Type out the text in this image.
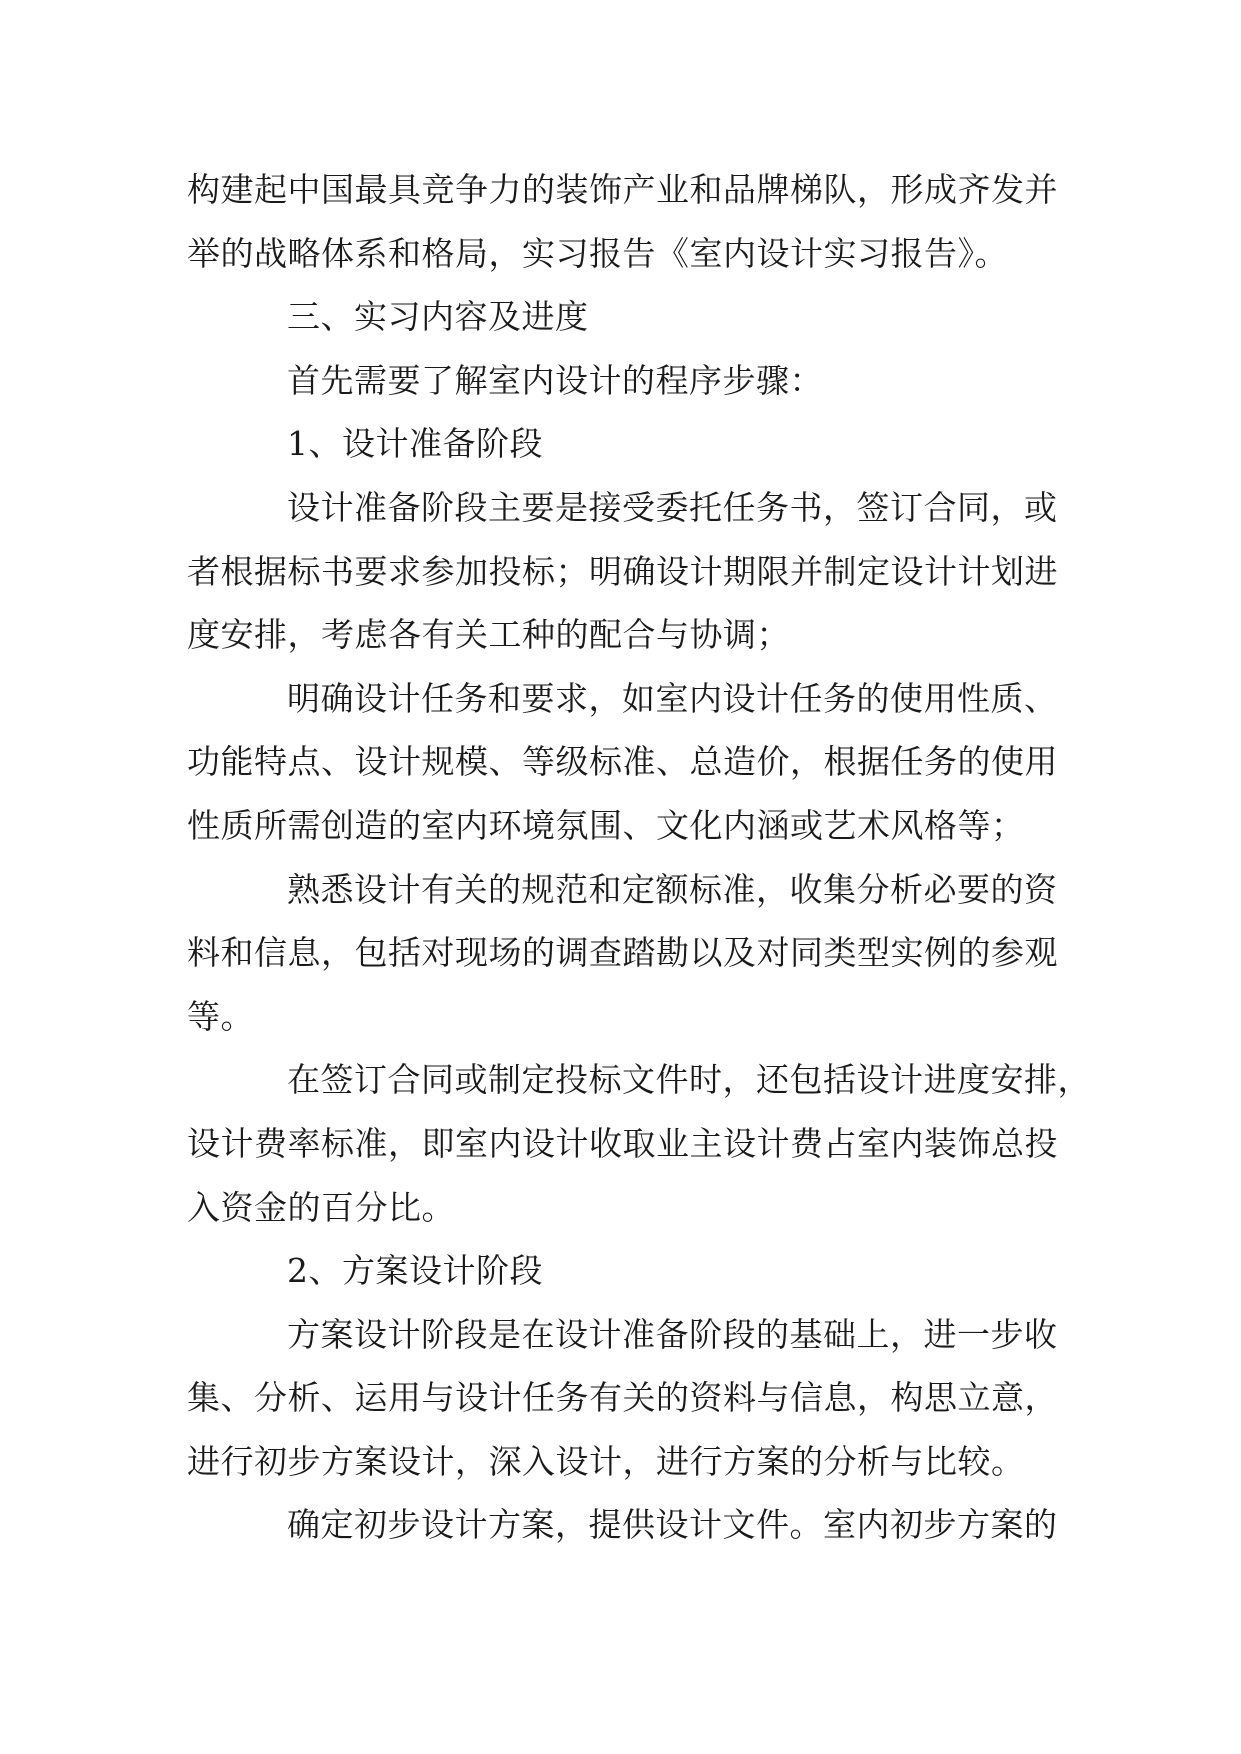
构建起中国最具竞争力的装饰产业和品牌梯队，形成齐发并
举的战略体系和格局，实习报告《室内设计实习报告》。
三、实习内容及进度
首先需要了解室内设计的程序步骤：
1、设计准备阶段
设计准备阶段主要是接受委托任务书，签订合同，或
者根据标书要求参加投标；明确设计期限并制定设计计划进
度安排，考虑各有关工种的配合与协调；
明确设计任务和要求，如室内设计任务的使用性质、
功能特点、设计规模、等级标准、总造价，根据任务的使用
性质所需创造的室内环境氛围、文化内涵或艺术风格等；
熟悉设计有关的规范和定额标准，收集分析必要的资
料和信息，包括对现场的调查踏勘以及对同类型实例的参观
等。
在签订合同或制定投标文件时，还包括设计进度安排，
设计费率标准，即室内设计收取业主设计费占室内装饰总投
入资金的百分比。
2、方案设计阶段
方案设计阶段是在设计准备阶段的基础上，进一步收
集、分析、运用与设计任务有关的资料与信息，构思立意，
进行初步方案设计，深入设计，进行方案的分析与比较。
确定初步设计方案，提供设计文件。室内初步方案的
